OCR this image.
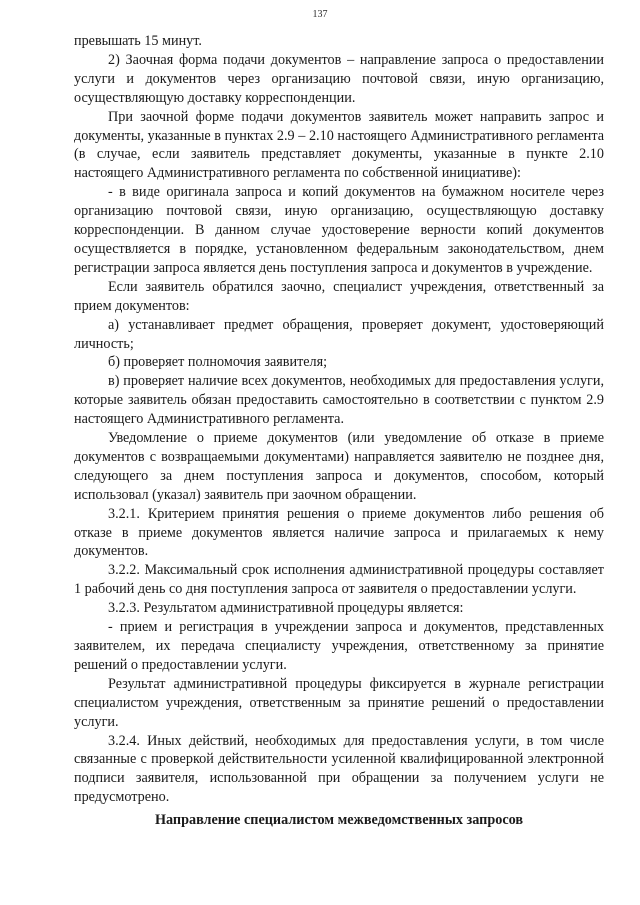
137

превышать 15 минут.

2) Заочная форма подачи документов – направление запроса о предоставлении услуги и документов через организацию почтовой связи, иную организацию, осуществляющую доставку корреспонденции.

При заочной форме подачи документов заявитель может направить запрос и документы, указанные в пунктах 2.9 – 2.10 настоящего Административного регламента (в случае, если заявитель представляет документы, указанные в пункте 2.10 настоящего Административного регламента по собственной инициативе):

- в виде оригинала запроса и копий документов на бумажном носителе через организацию почтовой связи, иную организацию, осуществляющую доставку корреспонденции. В данном случае удостоверение верности копий документов осуществляется в порядке, установленном федеральным законодательством, днем регистрации запроса является день поступления запроса и документов в учреждение.

Если заявитель обратился заочно, специалист учреждения, ответственный за прием документов:

а) устанавливает предмет обращения, проверяет документ, удостоверяющий личность;

б) проверяет полномочия заявителя;

в) проверяет наличие всех документов, необходимых для предоставления услуги, которые заявитель обязан предоставить самостоятельно в соответствии с пунктом 2.9 настоящего Административного регламента.

Уведомление о приеме документов (или уведомление об отказе в приеме документов с возвращаемыми документами) направляется заявителю не позднее дня, следующего за днем поступления запроса и документов, способом, который использовал (указал) заявитель при заочном обращении.

3.2.1. Критерием принятия решения о приеме документов либо решения об отказе в приеме документов является наличие запроса и прилагаемых к нему документов.

3.2.2. Максимальный срок исполнения административной процедуры составляет 1 рабочий день со дня поступления запроса от заявителя о предоставлении услуги.

3.2.3. Результатом административной процедуры является:

- прием и регистрация в учреждении запроса и документов, представленных заявителем, их передача специалисту учреждения, ответственному за принятие решений о предоставлении услуги.

Результат административной процедуры фиксируется в журнале регистрации специалистом учреждения, ответственным за принятие решений о предоставлении услуги.

3.2.4. Иных действий, необходимых для предоставления услуги, в том числе связанные с проверкой действительности усиленной квалифицированной электронной подписи заявителя, использованной при обращении за получением услуги не предусмотрено.

Направление специалистом межведомственных запросов
